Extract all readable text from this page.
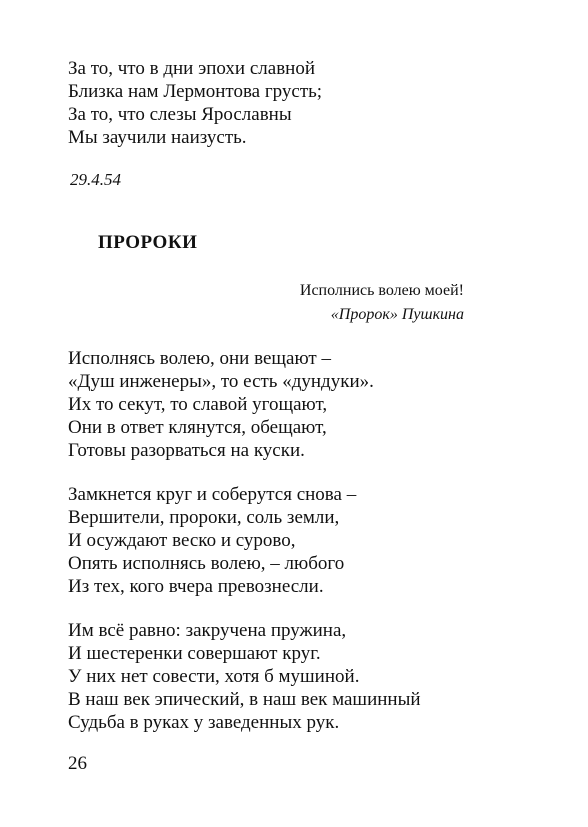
За то, что в дни эпохи славной

Близка нам Лермонтова грусть;

За то, что слезы Ярославны

Мы заучили наизусть.

29.4.54
ПРОРОКИ
Исполнись волею моей!
«Пророк» Пушкина

Исполнясь волею, они вещают –

«Душ инженеры», то есть «дундуки».

Их то секут, то славой угощают,

Они в ответ клянутся, обещают,

Готовы разорваться на куски.

Замкнется круг и соберутся снова –

Вершители, пророки, соль земли,

И осуждают веско и сурово,

Опять исполнясь волею, – любого

Из тех, кого вчера превознесли.

Им всё равно: закручена пружина,

И шестеренки совершают круг.

У них нет совести, хотя б мушиной.

В наш век эпический, в наш век машинный

Судьба в руках у заведенных рук.

26
